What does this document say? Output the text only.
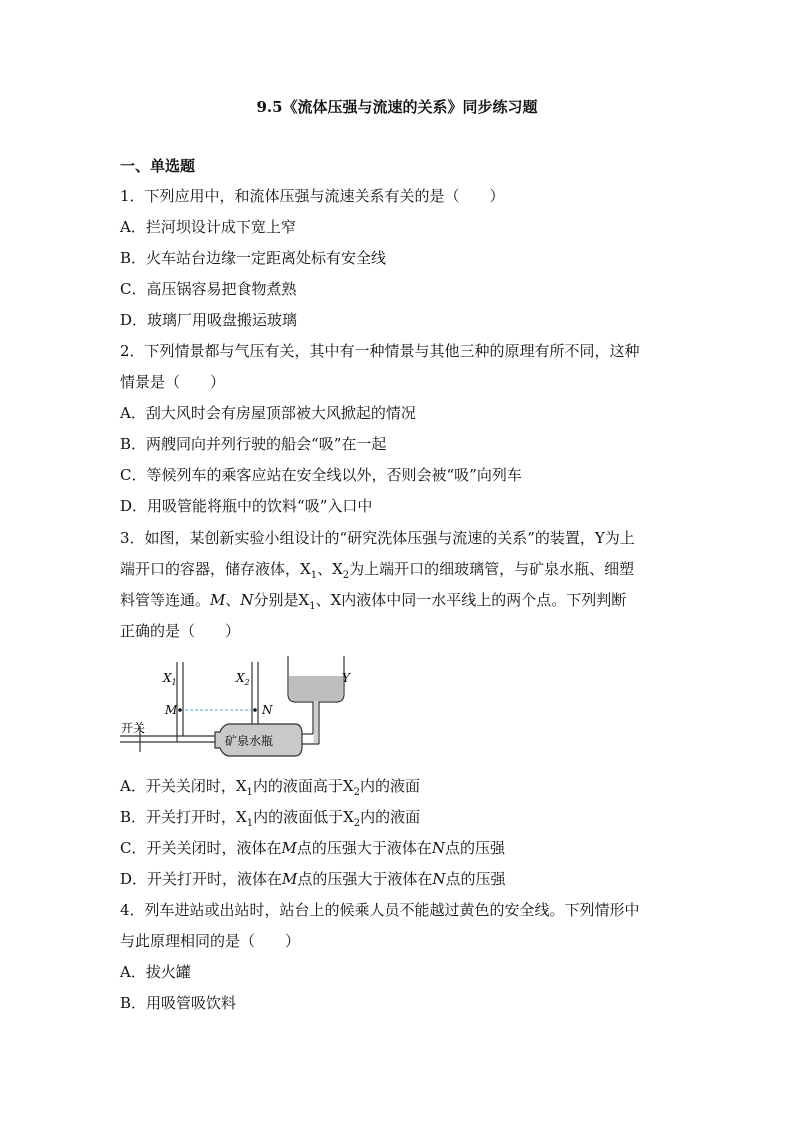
9.5《流体压强与流速的关系》同步练习题
一、单选题
1．下列应用中，和流体压强与流速关系有关的是（　　）
A．拦河坝设计成下宽上窄
B．火车站台边缘一定距离处标有安全线
C．高压锅容易把食物煮熟
D．玻璃厂用吸盘搬运玻璃
2．下列情景都与气压有关，其中有一种情景与其他三种的原理有所不同，这种
情景是（　　）
A．刮大风时会有房屋顶部被大风掀起的情况
B．两艘同向并列行驶的船会“吸”在一起
C．等候列车的乘客应站在安全线以外，否则会被“吸”向列车
D．用吸管能将瓶中的饮料“吸”入口中
3．如图，某创新实验小组设计的“研究洗体压强与流速的关系”的装置，Y为上
端开口的容器，储存液体，$X_1$、$X_2$为上端开口的细玻璃管，与矿泉水瓶、细塑
料管等连通。M、N分别是$X_1$、X内液体中同一水平线上的两个点。下列判断
正确的是（　　）
$X_1$	$X_2$	Y
M	N
开关
矿泉水瓶
A．开关关闭时，$X_1$内的液面高于$X_2$内的液面
B．开关打开时，$X_1$内的液面低于$X_2$内的液面
C．开关关闭时，液体在M点的压强大于液体在N点的压强
D．开关打开时，液体在M点的压强大于液体在N点的压强
4．列车进站或出站时，站台上的候乘人员不能越过黄色的安全线。下列情形中
与此原理相同的是（　　）
A．拔火罐
B．用吸管吸饮料
